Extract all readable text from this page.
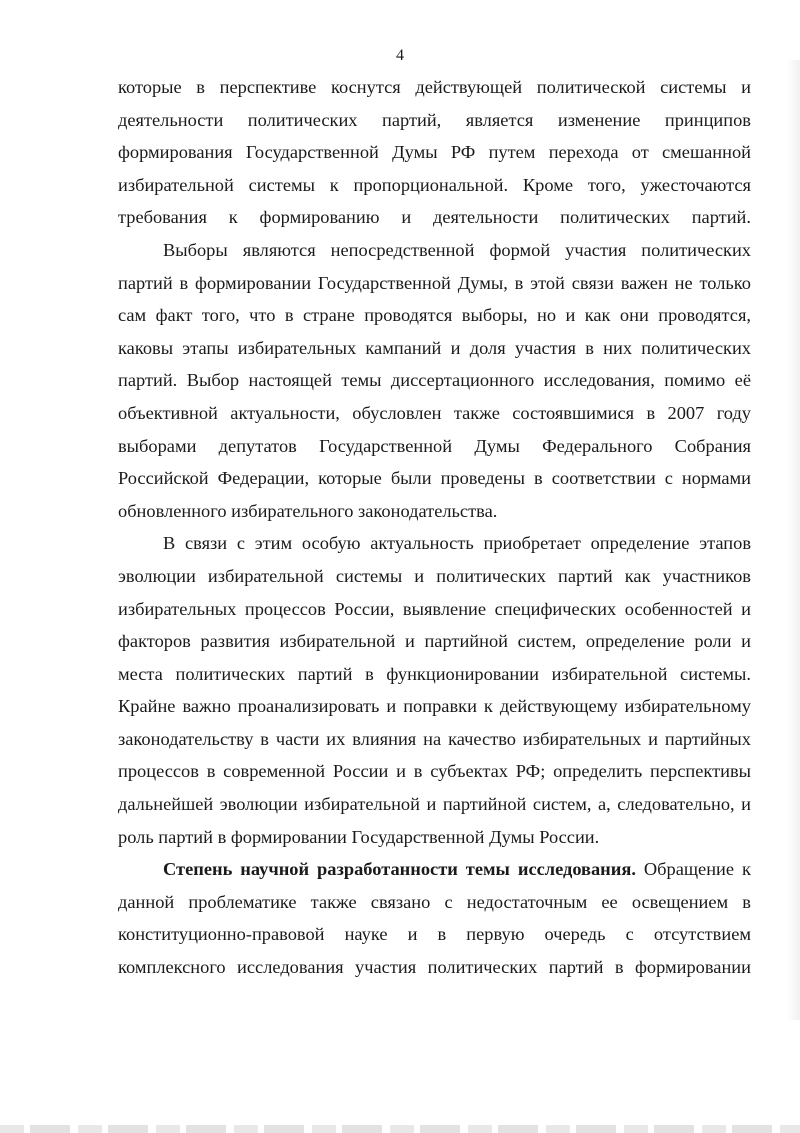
4

которые в перспективе коснутся действующей политической системы и деятельности политических партий, является изменение принципов формирования Государственной Думы РФ путем перехода от смешанной избирательной системы к пропорциональной. Кроме того, ужесточаются требования к формированию и деятельности политических партий.

Выборы являются непосредственной формой участия политических партий в формировании Государственной Думы, в этой связи важен не только сам факт того, что в стране проводятся выборы, но и как они проводятся, каковы этапы избирательных кампаний и доля участия в них политических партий. Выбор настоящей темы диссертационного исследования, помимо её объективной актуальности, обусловлен также состоявшимися в 2007 году выборами депутатов Государственной Думы Федерального Собрания Российской Федерации, которые были проведены в соответствии с нормами обновленного избирательного законодательства.

В связи с этим особую актуальность приобретает определение этапов эволюции избирательной системы и политических партий как участников избирательных процессов России, выявление специфических особенностей и факторов развития избирательной и партийной систем, определение роли и места политических партий в функционировании избирательной системы. Крайне важно проанализировать и поправки к действующему избирательному законодательству в части их влияния на качество избирательных и партийных процессов в современной России и в субъектах РФ; определить перспективы дальнейшей эволюции избирательной и партийной систем, а, следовательно, и роль партий в формировании Государственной Думы России.

Степень научной разработанности темы исследования. Обращение к данной проблематике также связано с недостаточным ее освещением в конституционно-правовой науке и в первую очередь с отсутствием комплексного исследования участия политических партий в формировании
